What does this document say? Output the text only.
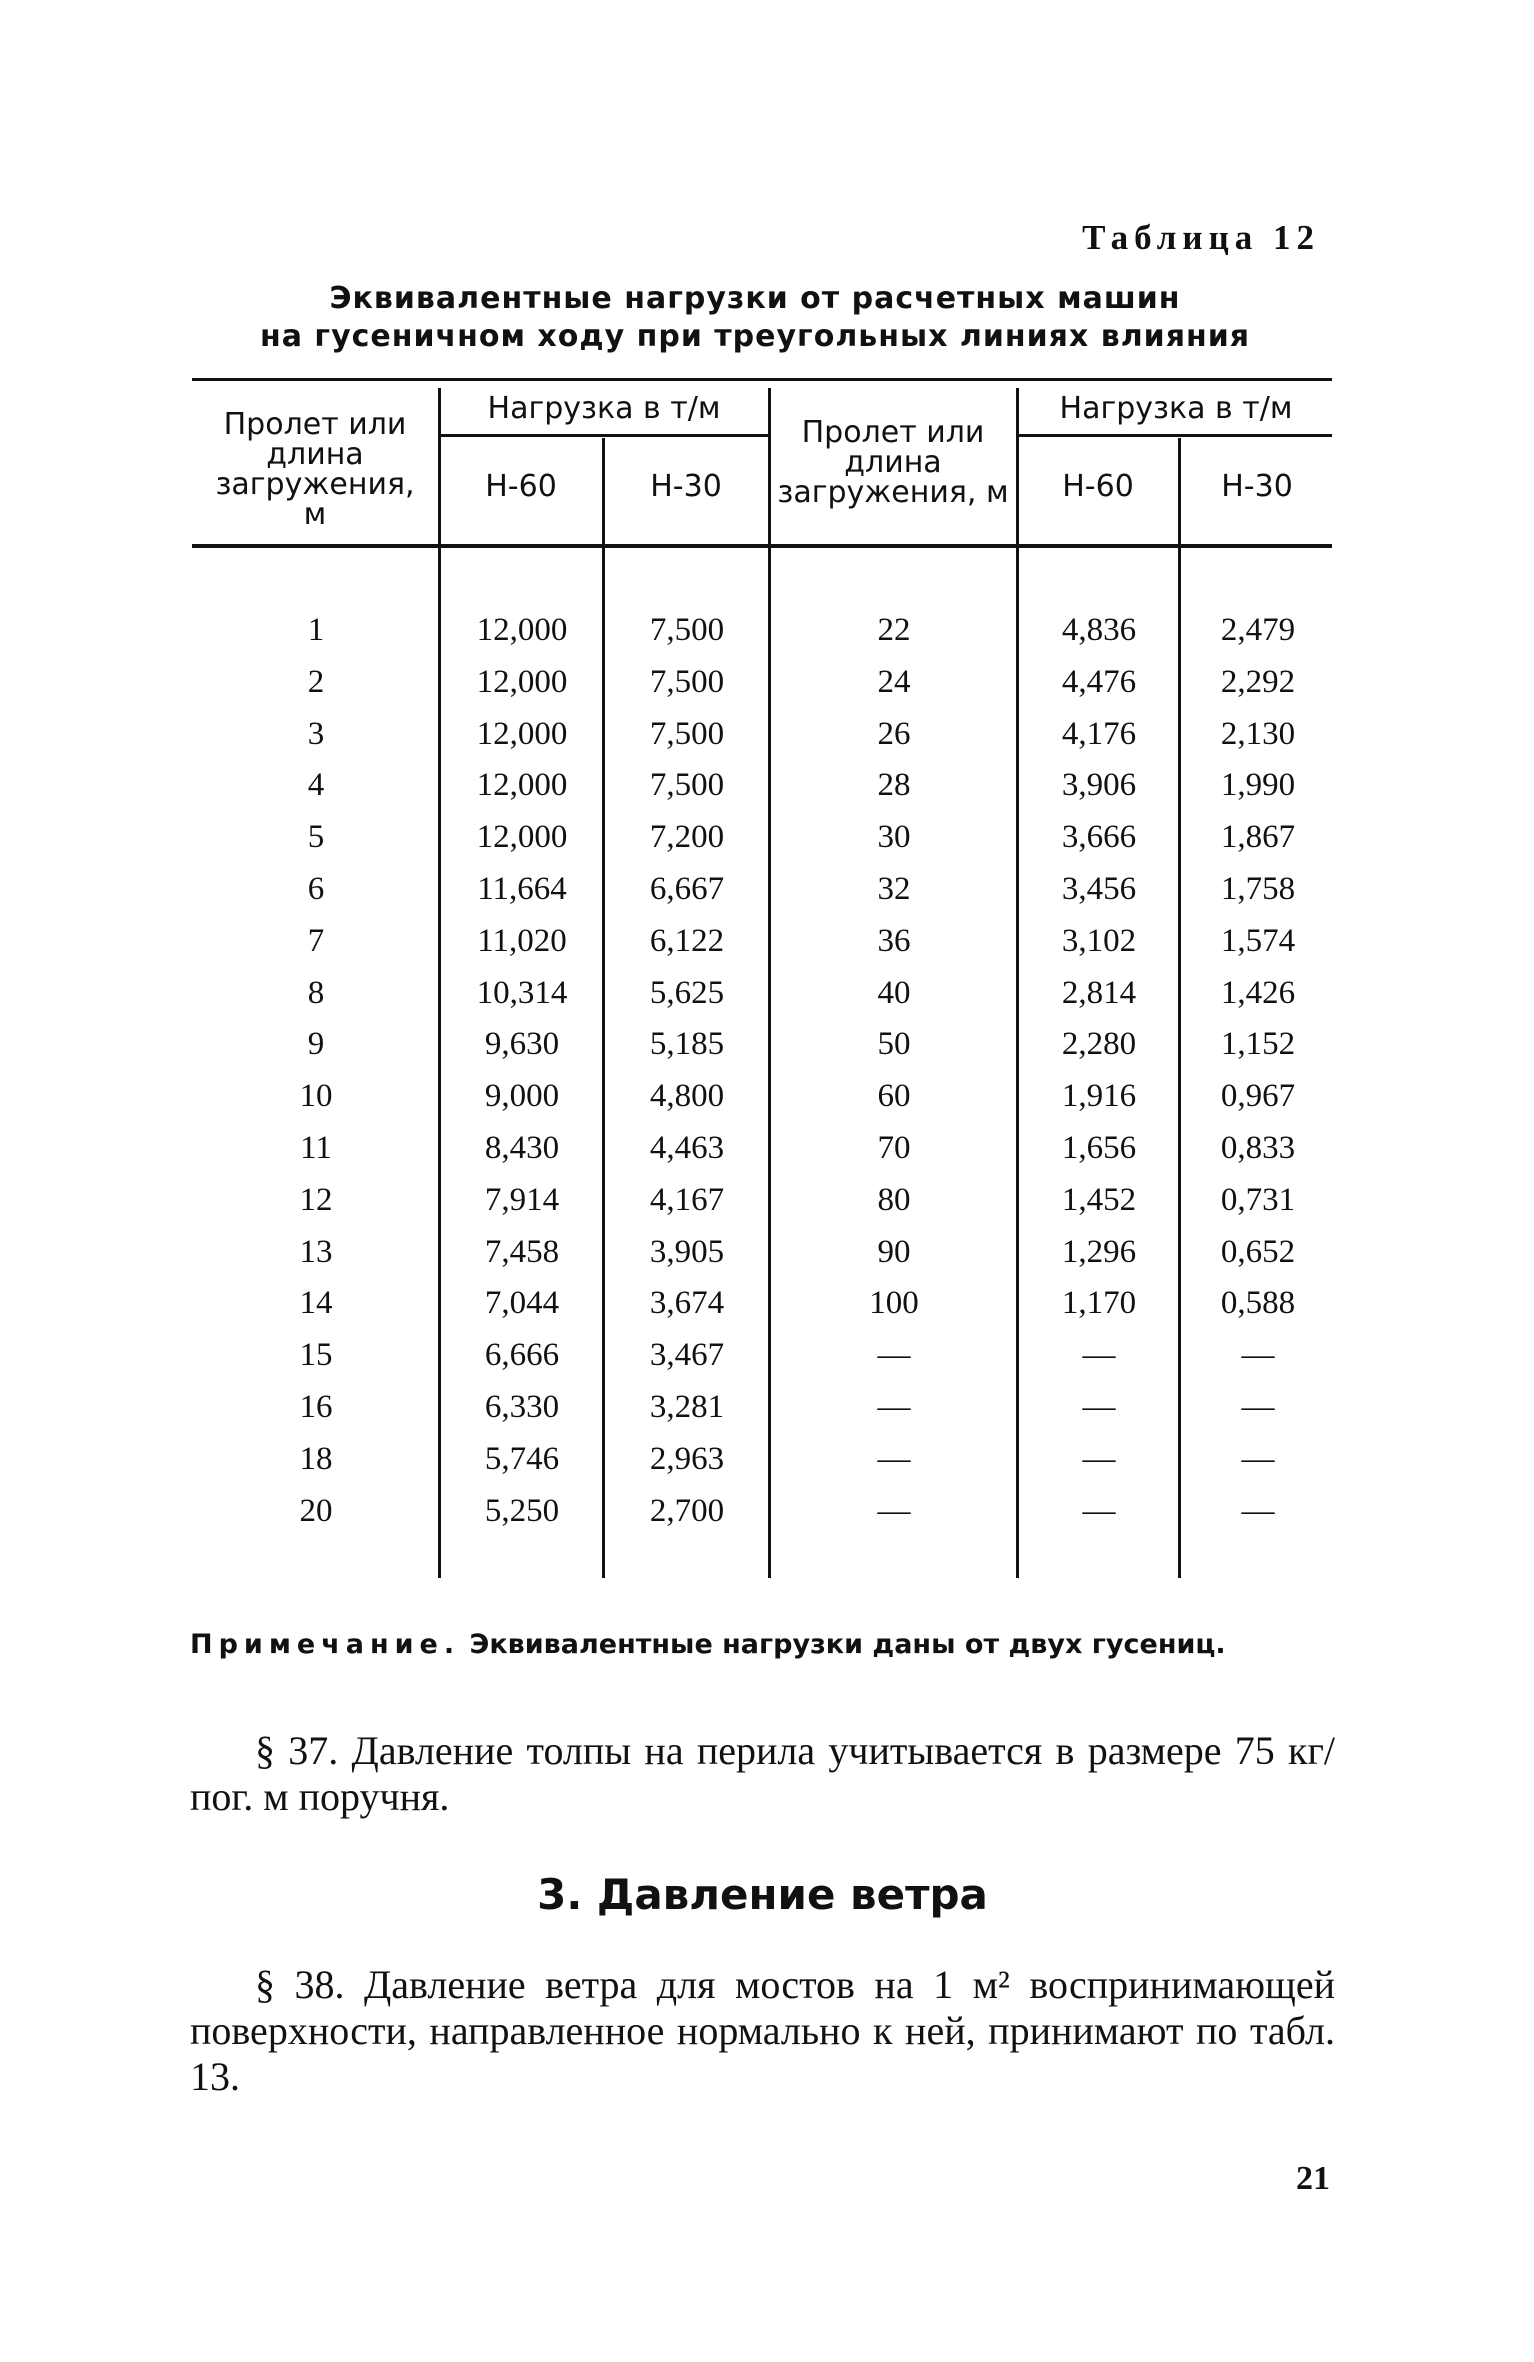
Таблица 12
Эквивалентные нагрузки от расчетных машин
на гусеничном ходу при треугольных линиях влияния
Пролет или длина загружения, м
Нагрузка в т/м
Н-60	Н-30
Пролет или длина загружения, м
Нагрузка в т/м
Н-60	Н-30
1	12,000	7,500	22	4,836	2,479
2	12,000	7,500	24	4,476	2,292
3	12,000	7,500	26	4,176	2,130
4	12,000	7,500	28	3,906	1,990
5	12,000	7,200	30	3,666	1,867
6	11,664	6,667	32	3,456	1,758
7	11,020	6,122	36	3,102	1,574
8	10,314	5,625	40	2,814	1,426
9	9,630	5,185	50	2,280	1,152
10	9,000	4,800	60	1,916	0,967
11	8,430	4,463	70	1,656	0,833
12	7,914	4,167	80	1,452	0,731
13	7,458	3,905	90	1,296	0,652
14	7,044	3,674	100	1,170	0,588
15	6,666	3,467	—	—	—
16	6,330	3,281	—	—	—
18	5,746	2,963	—	—	—
20	5,250	2,700	—	—	—
Примечание. Эквивалентные нагрузки даны от двух гусениц.
§ 37. Давление толпы на перила учитывается в размере 75 кг/пог. м поручня.
3. Давление ветра
§ 38. Давление ветра для мостов на 1 м² воспринимающей поверхности, направленное нормально к ней, принимают по табл. 13.
21
